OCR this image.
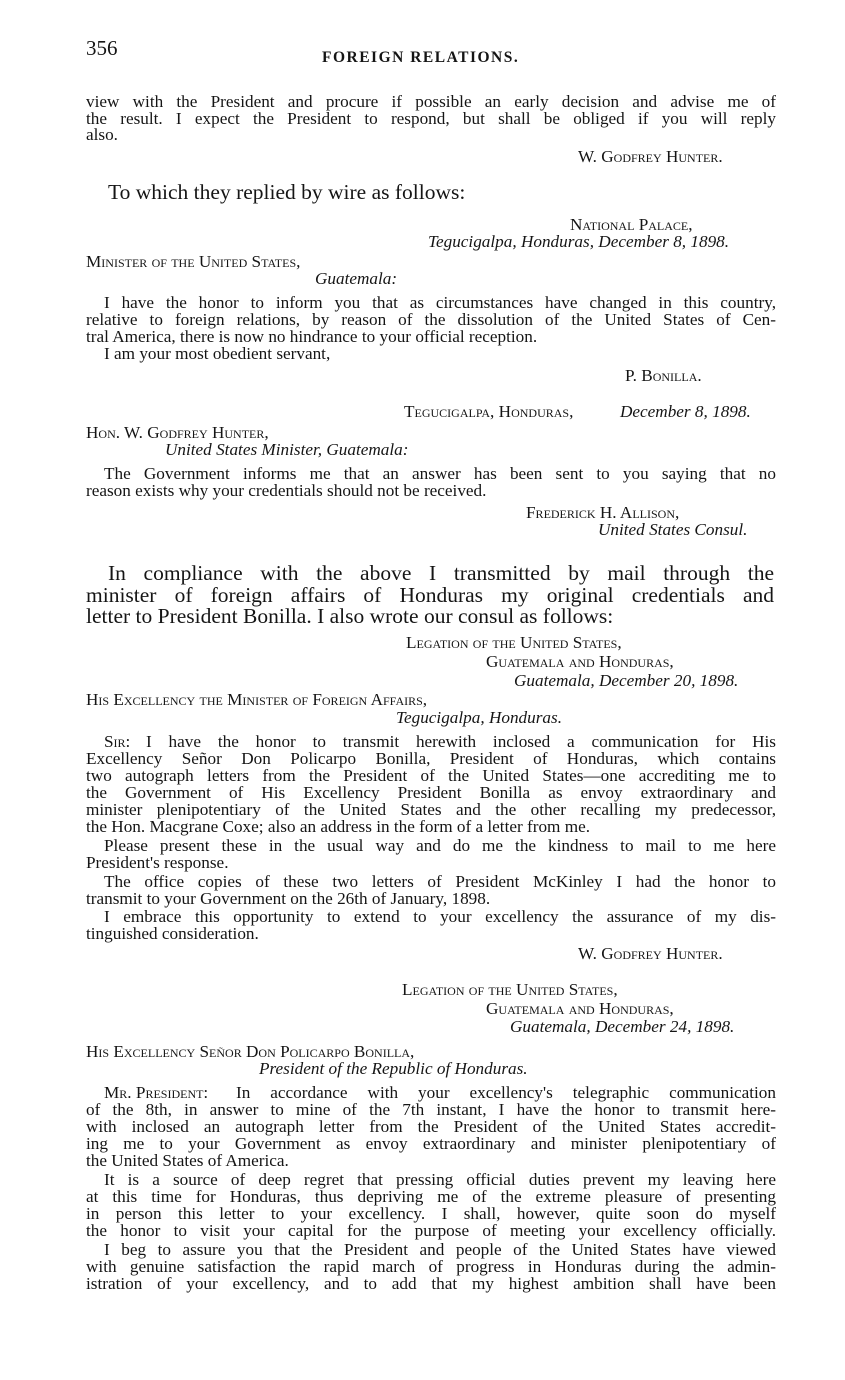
356	FOREIGN RELATIONS.
view with the President and procure if possible an early decision and advise me of
the result. I expect the President to respond, but shall be obliged if you will reply
also.
W. Godfrey Hunter.
To which they replied by wire as follows:
National Palace,
Tegucigalpa, Honduras, December 8, 1898.
Minister of the United States,
Guatemala:
I have the honor to inform you that as circumstances have changed in this country,
relative to foreign relations, by reason of the dissolution of the United States of Cen-
tral America, there is now no hindrance to your official reception.
I am your most obedient servant,
P. Bonilla.
Tegucigalpa, Honduras,	December 8, 1898.
Hon. W. Godfrey Hunter,
United States Minister, Guatemala:
The Government informs me that an answer has been sent to you saying that no
reason exists why your credentials should not be received.
Frederick H. Allison,
United States Consul.
In compliance with the above I transmitted by mail through the
minister of foreign affairs of Honduras my original credentials and
letter to President Bonilla. I also wrote our consul as follows:
Legation of the United States,
Guatemala and Honduras,
Guatemala, December 20, 1898.
His Excellency the Minister of Foreign Affairs,
Tegucigalpa, Honduras.
Sir: I have the honor to transmit herewith inclosed a communication for His
Excellency Señor Don Policarpo Bonilla, President of Honduras, which contains
two autograph letters from the President of the United States—one accrediting me to
the Government of His Excellency President Bonilla as envoy extraordinary and
minister plenipotentiary of the United States and the other recalling my predecessor,
the Hon. Macgrane Coxe; also an address in the form of a letter from me.
Please present these in the usual way and do me the kindness to mail to me here
President's response.
The office copies of these two letters of President McKinley I had the honor to
transmit to your Government on the 26th of January, 1898.
I embrace this opportunity to extend to your excellency the assurance of my dis-
tinguished consideration.
W. Godfrey Hunter.
Legation of the United States,
Guatemala and Honduras,
Guatemala, December 24, 1898.
His Excellency Señor Don Policarpo Bonilla,
President of the Republic of Honduras.
Mr. President: In accordance with your excellency's telegraphic communication
of the 8th, in answer to mine of the 7th instant, I have the honor to transmit here-
with inclosed an autograph letter from the President of the United States accredit-
ing me to your Government as envoy extraordinary and minister plenipotentiary of
the United States of America.
It is a source of deep regret that pressing official duties prevent my leaving here
at this time for Honduras, thus depriving me of the extreme pleasure of presenting
in person this letter to your excellency. I shall, however, quite soon do myself
the honor to visit your capital for the purpose of meeting your excellency officially.
I beg to assure you that the President and people of the United States have viewed
with genuine satisfaction the rapid march of progress in Honduras during the admin-
istration of your excellency, and to add that my highest ambition shall have been
